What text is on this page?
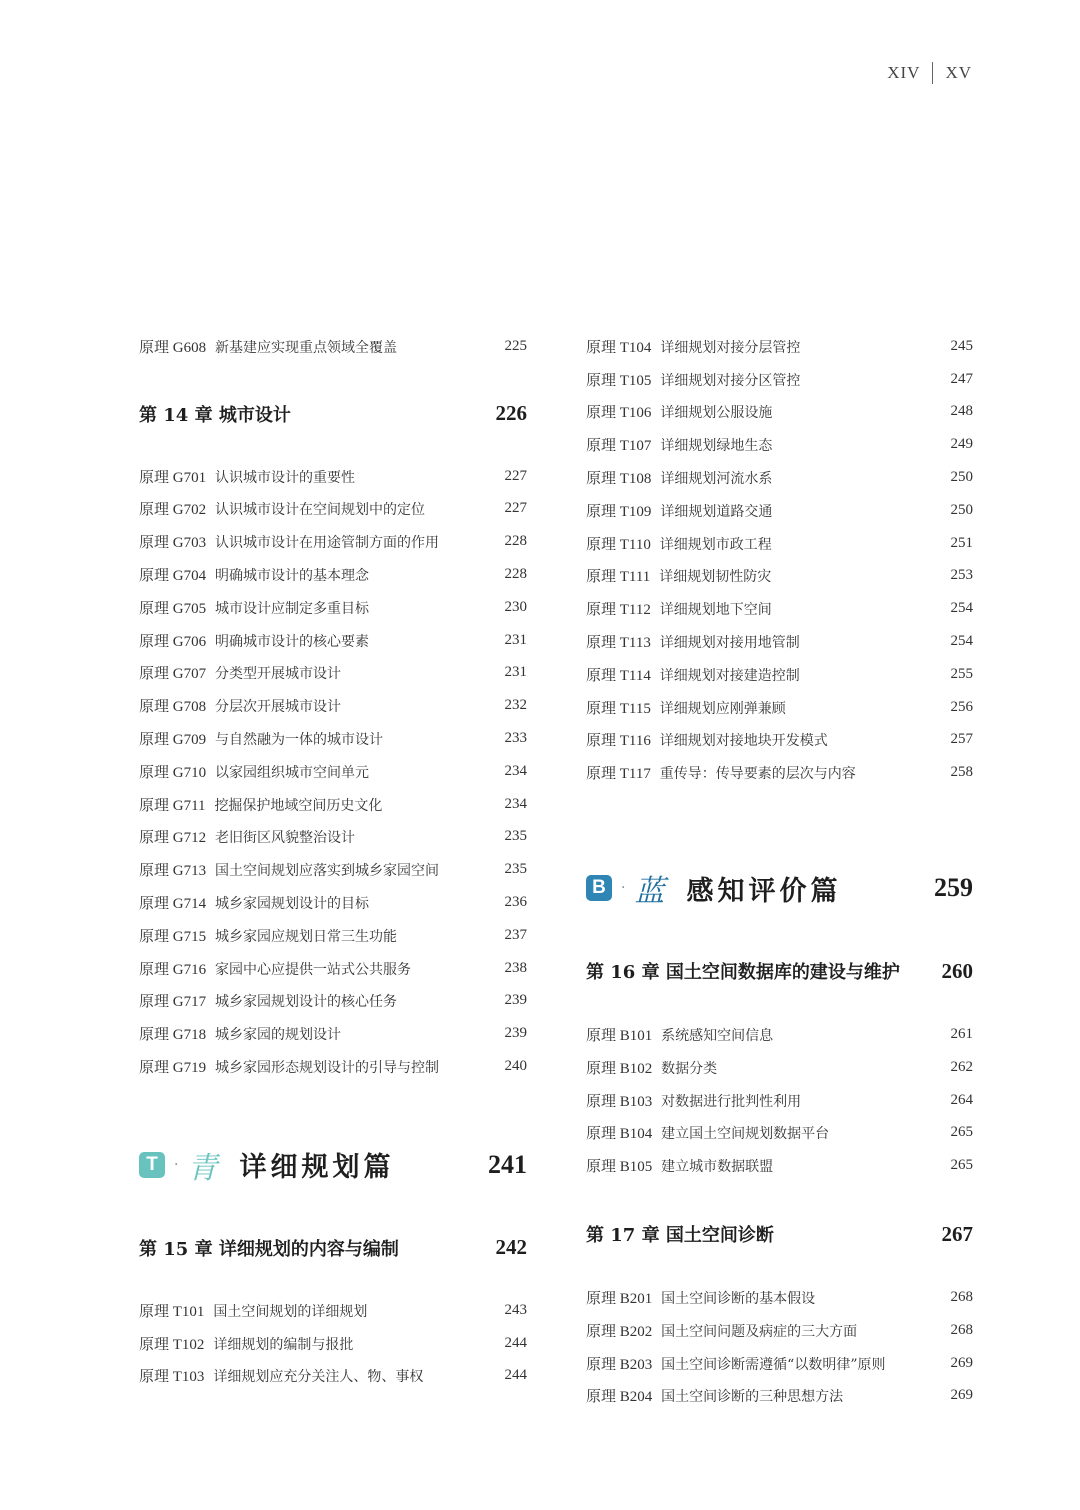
XIV XV
原理 G608 新基建应实现重点领域全覆盖	225
第 14 章 城市设计	226
原理 G701 认识城市设计的重要性	227
原理 G702 认识城市设计在空间规划中的定位	227
原理 G703 认识城市设计在用途管制方面的作用	228
原理 G704 明确城市设计的基本理念	228
原理 G705 城市设计应制定多重目标	230
原理 G706 明确城市设计的核心要素	231
原理 G707 分类型开展城市设计	231
原理 G708 分层次开展城市设计	232
原理 G709 与自然融为一体的城市设计	233
原理 G710 以家园组织城市空间单元	234
原理 G711 挖掘保护地域空间历史文化	234
原理 G712 老旧街区风貌整治设计	235
原理 G713 国土空间规划应落实到城乡家园空间	235
原理 G714 城乡家园规划设计的目标	236
原理 G715 城乡家园应规划日常三生功能	237
原理 G716 家园中心应提供一站式公共服务	238
原理 G717 城乡家园规划设计的核心任务	239
原理 G718 城乡家园的规划设计	239
原理 G719 城乡家园形态规划设计的引导与控制	240
T	· 青 详细规划篇	241
第 15 章 详细规划的内容与编制	242
原理 T101 国土空间规划的详细规划	243
原理 T102 详细规划的编制与报批	244
原理 T103 详细规划应充分关注人、物、事权	244
原理 T104 详细规划对接分层管控	245
原理 T105 详细规划对接分区管控	247
原理 T106 详细规划公服设施	248
原理 T107 详细规划绿地生态	249
原理 T108 详细规划河流水系	250
原理 T109 详细规划道路交通	250
原理 T110 详细规划市政工程	251
原理 T111 详细规划韧性防灾	253
原理 T112 详细规划地下空间	254
原理 T113 详细规划对接用地管制	254
原理 T114 详细规划对接建造控制	255
原理 T115 详细规划应刚弹兼顾	256
原理 T116 详细规划对接地块开发模式	257
原理 T117 重传导：传导要素的层次与内容	258
B	· 蓝 感知评价篇	259
第 16 章 国土空间数据库的建设与维护 260
原理 B101 系统感知空间信息	261
原理 B102 数据分类	262
原理 B103 对数据进行批判性利用	264
原理 B104 建立国土空间规划数据平台	265
原理 B105 建立城市数据联盟	265
第 17 章 国土空间诊断	267
原理 B201 国土空间诊断的基本假设	268
原理 B202 国土空间问题及病症的三大方面	268
原理 B203 国土空间诊断需遵循“以数明律”原则	269
原理 B204 国土空间诊断的三种思想方法	269
